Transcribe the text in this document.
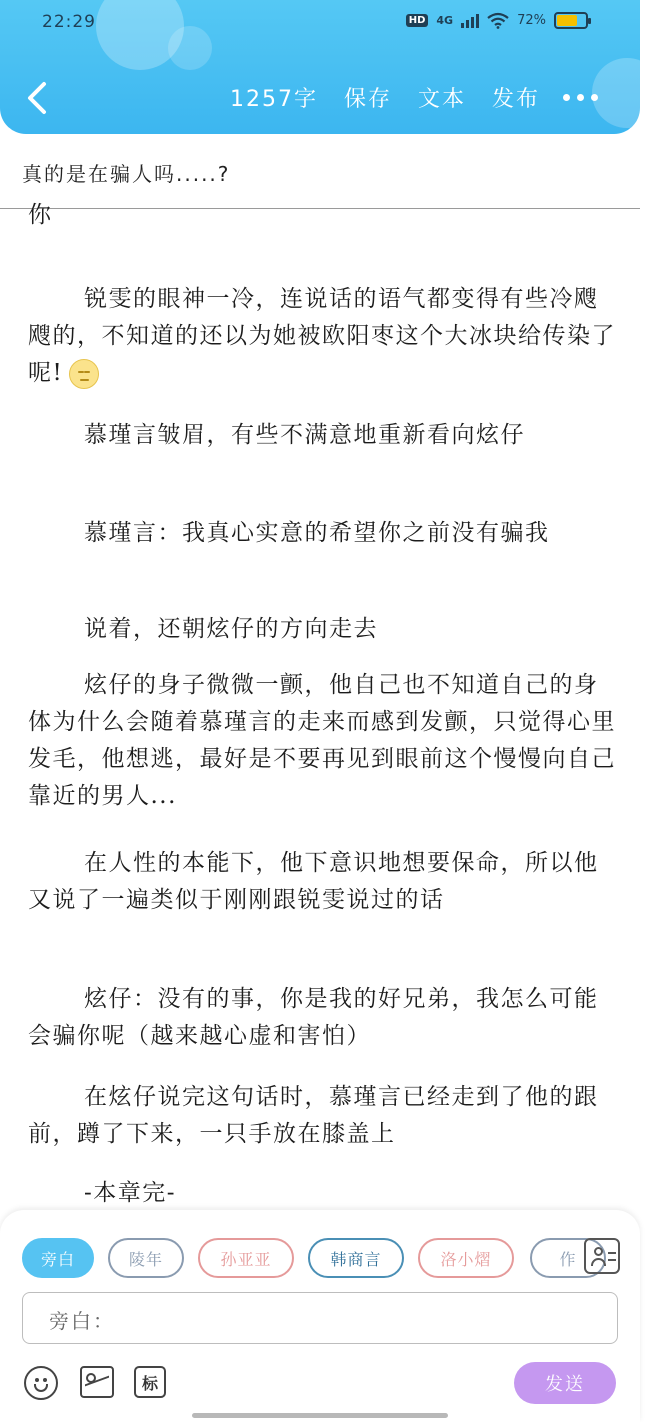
22:29	HD 4G	72%
1257字 保存 文本 发布
真的是在骗人吗.....?

你

锐雯的眼神一冷，连说话的语气都变得有些冷飕飕的，不知道的还以为她被欧阳枣这个大冰块给传染了呢!

慕瑾言皱眉，有些不满意地重新看向炫仔

慕瑾言：我真心实意的希望你之前没有骗我

说着，还朝炫仔的方向走去

炫仔的身子微微一颤，他自己也不知道自己的身体为什么会随着慕瑾言的走来而感到发颤，只觉得心里发毛，他想逃，最好是不要再见到眼前这个慢慢向自己靠近的男人...

在人性的本能下，他下意识地想要保命，所以他又说了一遍类似于刚刚跟锐雯说过的话

炫仔：没有的事，你是我的好兄弟，我怎么可能会骗你呢（越来越心虚和害怕）

在炫仔说完这句话时，慕瑾言已经走到了他的跟前，蹲了下来，一只手放在膝盖上

-本章完-

旁白	陵年	孙亚亚	韩商言	洛小熠	作
旁白：
标	发送
